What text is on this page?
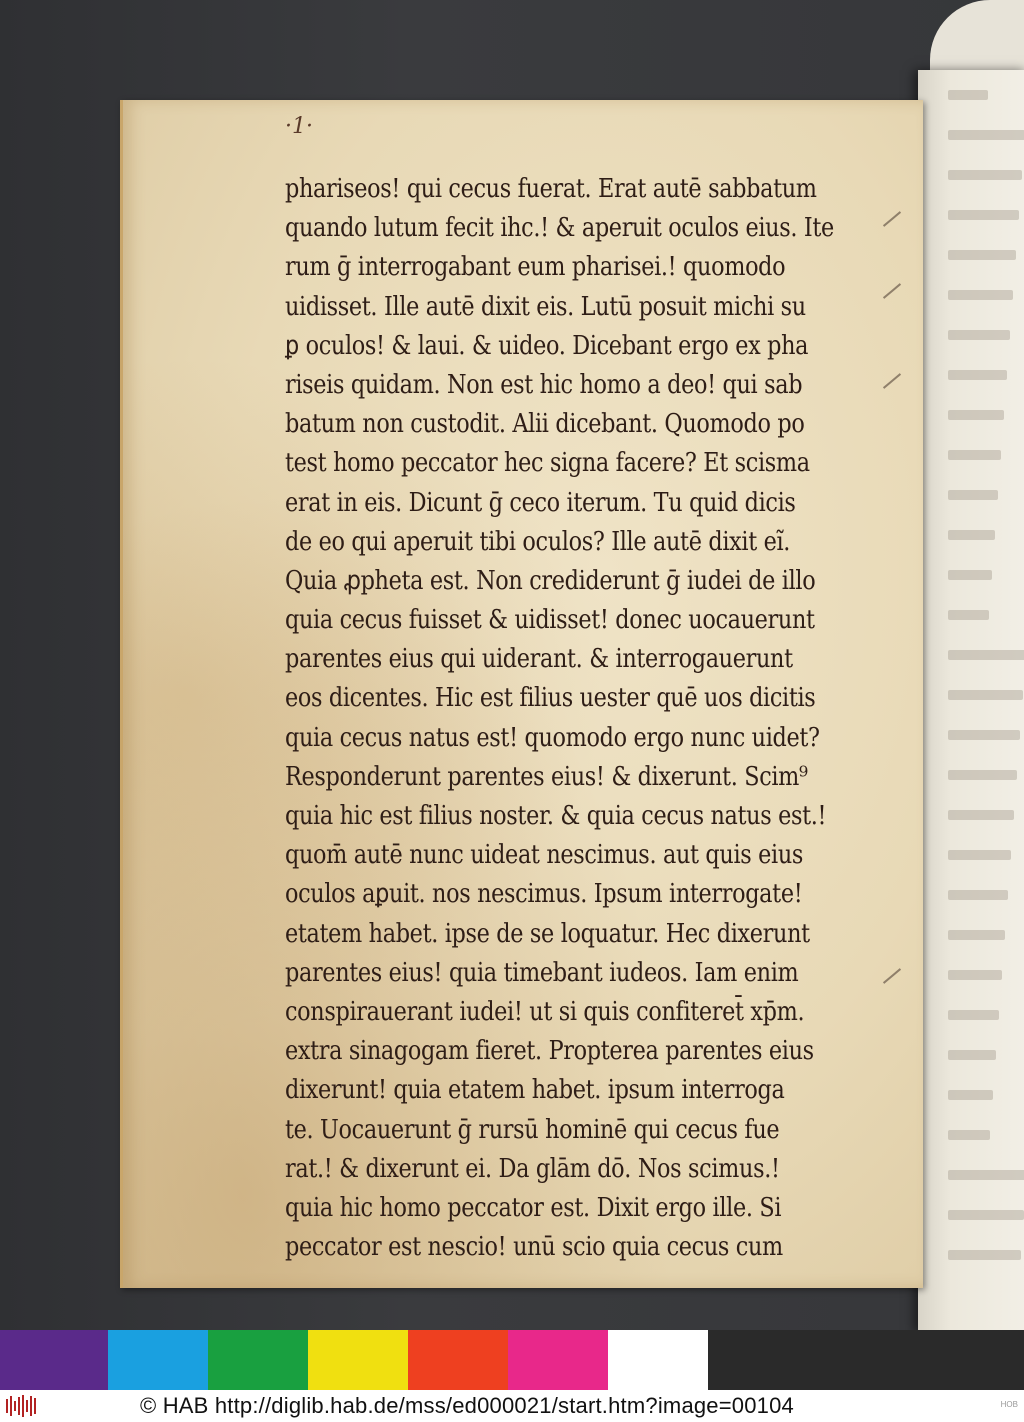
·1·
pharisеos! qui cecus fuerat. Erat autē sabbatum
quando lutum fecit ihc.! & aperuit oculos eius. Ite
rum ḡ interrogabant eum pharisei.! quomodo
uidisset. Ille autē dixit eis. Lutū posuit michi su
ꝑ oculos! & laui. & uideo. Dicebant ergo ex pha
riseis quidam. Non est hic homo a deo! qui sab
batum non custodit. Alii dicebant. Quomodo po
test homo peccator hec signa facere? Et scisma
erat in eis. Dicunt ḡ ceco iterum. Tu quid dicis
de eo qui aperuit tibi oculos? Ille autē dixit eĩ.
Quia ꝓpheta est. Non crediderunt ḡ iudei de illo
quia cecus fuisset & uidisset! donec uocauerunt
parentes eius qui uiderant. & interrogauerunt
eos dicentes. Hic est filius uester quē uos dicitis
quia cecus natus est! quomodo ergo nunc uidet?
Responderunt parentes eius! & dixerunt. Scim⁹
quia hic est filius noster. & quia cecus natus est.!
quom̄ autē nunc uideat nescimus. aut quis eius
oculos aꝑuit. nos nescimus. Ipsum interrogate!
etatem habet. ipse de se loquatur. Hec dixerunt
parentes eius! quia timebant iudeos. Iam enim
conspirauerant iudei! ut si quis confiteret̄ xp̄m.
extra sinagogam fieret. Propterea parentes eius
dixerunt! quia etatem habet. ipsum interroga
te. Uocauerunt ḡ rursū hominē qui cecus fue
rat.! & dixerunt ei. Da glām dō. Nos scimus.!
quia hic homo peccator est. Dixit ergo ille. Si
peccator est nescio! unū scio quia cecus cum
© HAB http://diglib.hab.de/mss/ed000021/start.htm?image=00104	HOB
